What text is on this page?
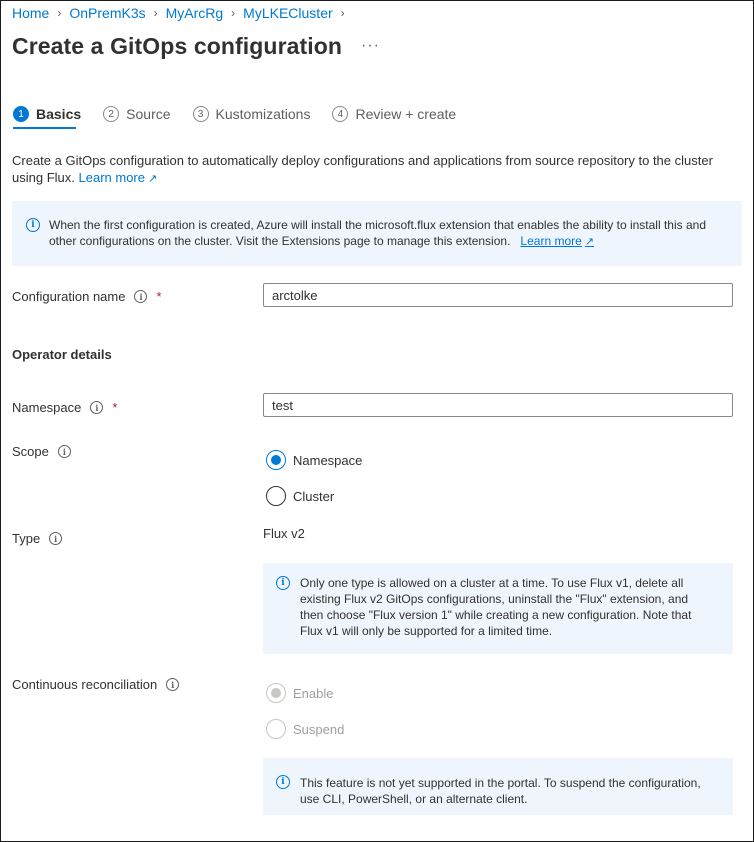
Home › OnPremK3s › MyArcRg › MyLKECluster ›
Create a GitOps configuration ···
1 Basics	2 Source	3 Kustomizations	4 Review + create
Create a GitOps configuration to automatically deploy configurations and applications from source repository to the cluster using Flux. Learn more ↗
i	When the first configuration is created, Azure will install the microsoft.flux extension that enables the ability to install this and other configurations on the cluster. Visit the Extensions page to manage this extension. Learn more ↗
Configuration name	i	*
arctolke
Operator details
Namespace	i	*
test
Scope	i
Namespace
Cluster
Type	i	Flux v2
i	Only one type is allowed on a cluster at a time. To use Flux v1, delete all existing Flux v2 GitOps configurations, uninstall the "Flux" extension, and then choose "Flux version 1" while creating a new configuration. Note that Flux v1 will only be supported for a limited time.
Continuous reconciliation	i
Enable
Suspend
i	This feature is not yet supported in the portal. To suspend the configuration, use CLI, PowerShell, or an alternate client.
